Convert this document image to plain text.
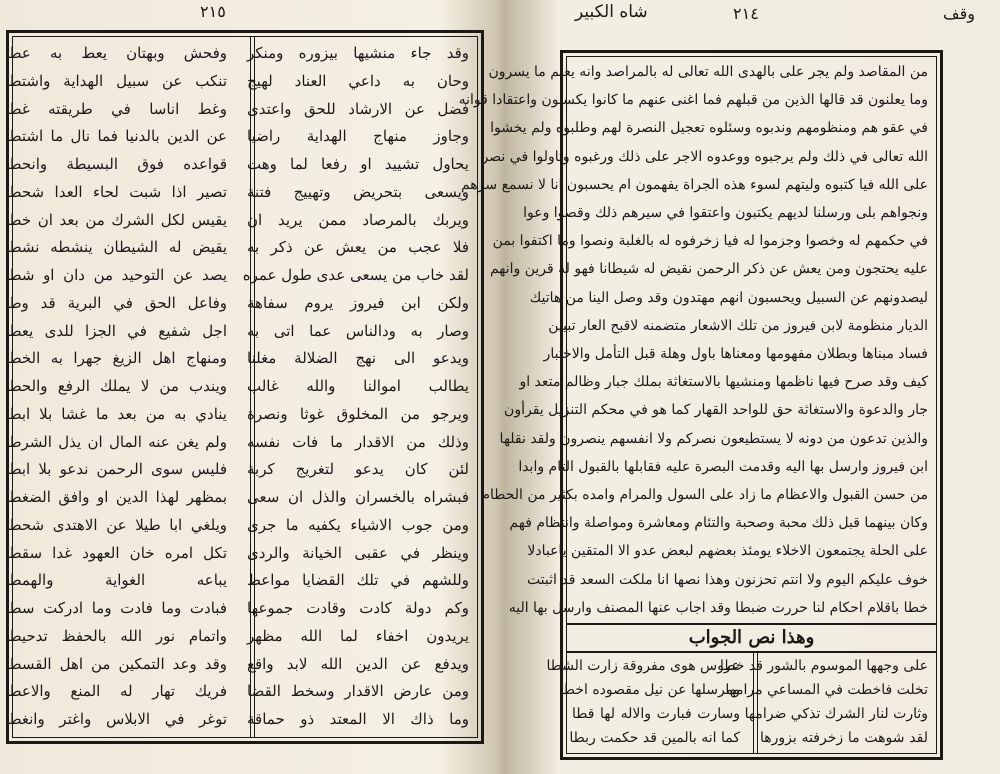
٢١٥
وقد جاء منشيها بيزوره ومنكر
وحان به داعي العناد لهيج
فضل عن الارشاد للحق واعتدى
وجاوز منهاج الهداية راضيا
يحاول تشييد او رفعا لما وهت
ويسعى بتحريض وتهييج فتنة
ويربك بالمرصاد ممن يريد ان
فلا عجب من يعش عن ذكر به
لقد خاب من يسعى عدى طول عمره
ولكن ابن فيروز يروم سفاهة
وصار به ودالناس عما اتى به
ويدعو الى نهج الضلالة مغلنا
يطالب اموالنا والله غالب
ويرجو من المخلوق غوثا ونصرة
وذلك من الاقدار ما فات نفسه
لئن كان يدعو لتغريج كربة
فبشراه بالخسران والذل ان سعى
ومن جوب الاشياء يكفيه ما جرى
وينظر في عقبى الخيانة والردى
وللشهم في تلك القضايا مواعظ
وكم دولة كادت وقادت جموعها
يريدون اخفاء لما الله مظهر
ويدفع عن الدين الله لابد واقع
ومن عارض الاقدار وسخط القضا
وما ذاك الا المعتد ذو حماقة
وفحش وبهتان يعط به عطا
تنكب عن سبيل الهداية واشتطا
وغط اناسا في طريقته غطا
عن الدين بالدنيا فما نال ما اشتطا
قواعده فوق البسيطة وانحطا
تصير اذا شبت لحاء العدا شحطا
يقيس لكل الشرك من بعد ان خطا
يقيض له الشيطان ينشطه نشطا
يصد عن التوحيد من دان او شطا
وفاعل الحق في البرية قد وطا
اجل شفيع في الجزا للدى يعطا
ومنهاج اهل الزيغ جهرا به الخطا
ويندب من لا يملك الرفع والحطا
ينادي به من بعد ما غشا بلا ابطا
ولم يغن عنه المال ان يذل الشرطا
فليس سوى الرحمن ندعو بلا ابطا
بمظهر لهذا الدين او وافق الضغطا
ويلغي ابا طيلا عن الاهتدى شحطا
تكل امره خان العهود غدا سقطا
يباعه الغواية والهمطا
فبادت وما فادت وما ادركت سطا
واتمام نور الله بالحفظ تدحيطا
وقد وعد التمكين من اهل القسطا
فريك تهار له المنع والاعطا
توغر في الابلاس واغتر وانغطا
شاه الكبير	٢١٤	وقف
من المقاصد ولم يجر على بالهدى الله تعالى له بالمراصد وانه يعلم ما يسرون
وما يعلنون قد قالها الذين من قبلهم فما اغنى عنهم ما كانوا يكسبون واعتقادا قوانه
في عقو هم ومنظومهم وندبوه وسئلوه تعجيل النصرة لهم وطلبوه ولم يخشوا
الله تعالى في ذلك ولم يرجبوه ووعدوه الاجر على ذلك ورغبوه وتاولوا في نصر
على الله فيا كتبوه وليتهم لسوء هذه الجراة يفهمون ام يحسبون انا لا نسمع سرهم
ونجواهم بلى ورسلنا لديهم يكتبون واعتقوا في سيرهم ذلك وقصوا وعوا
في حكمهم له وخصوا وجزموا له فيا زخرفوه له بالغلبة ونصوا وما اكتفوا بمن
عليه يحتجون ومن يعش عن ذكر الرحمن نقيض له شيطانا فهو له قرين وانهم
ليصدونهم عن السبيل ويحسبون انهم مهتدون وقد وصل الينا من هاتيك
الديار منظومة لابن فيروز من تلك الاشعار متضمنه لاقبح العار تبيين
فساد مبناها وبطلان مفهومها ومعناها باول وهلة قبل التأمل والاختبار
كيف وقد صرح فيها ناظمها ومنشيها بالاستغاثة بملك جبار وظالم متعد او
جار والدعوة والاستغاثة حق للواحد القهار كما هو في محكم التنزيل يقرأون
والذين تدعون من دونه لا يستطيعون نصركم ولا انفسهم ينصرون ولقد نقلها
ابن فيروز وارسل بها اليه وقدمت البصرة عليه فقابلها بالقبول التام وابدا
من حسن القبول والاعظام ما زاد على السول والمرام وامده بكثير من الحطام
وكان بينهما قبل ذلك محبة وصحبة والتئام ومعاشرة ومواصلة وانتظام فهم
على الحلة يجتمعون الاخلاء يومئذ بعضهم لبعض عدو الا المتقين ياعبادلا
خوف عليكم اليوم ولا انتم تحزنون وهذا نصها انا ملكت السعد قد اثبتت
خطا باقلام احكام لنا حررت ضبطا وقد اجاب عنها المصنف وارسل بها اليه
وهذا نص الجواب
على وجهها الموسوم بالشور قد خطا
تخلت فاخطت في المساعي مرامها
وثارت لنار الشرك تذكي ضرامها
لقد شوهت ما زخرفته بزورها
عروس هوى مفروقة زارت الشطا
ومرسلها عن نيل مقصوده اخطا
وسارت فبارت والاله لها قطا
كما انه بالمين قد حكمت ربطا
